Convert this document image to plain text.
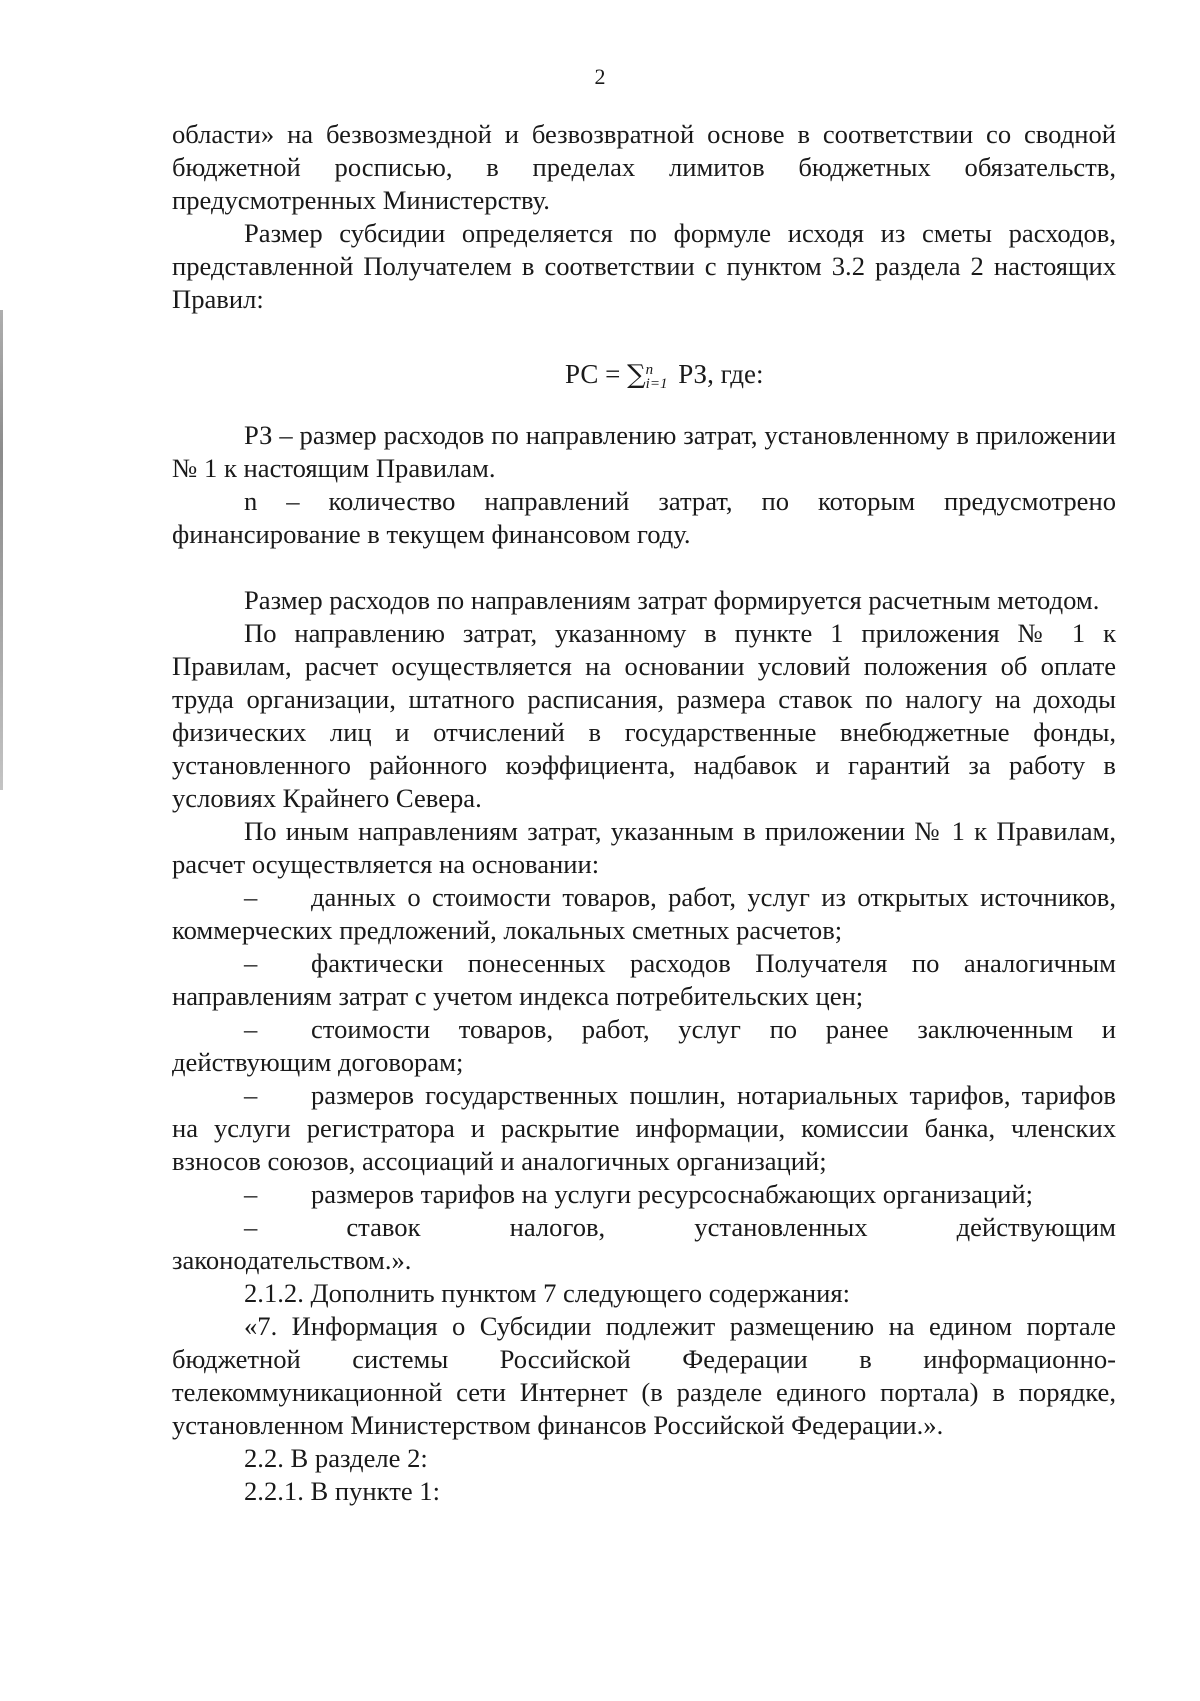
2

области» на безвозмездной и безвозвратной основе в соответствии со сводной бюджетной росписью, в пределах лимитов бюджетных обязательств, предусмотренных Министерству.

Размер субсидии определяется по формуле исходя из сметы расходов, представленной Получателем в соответствии с пунктом 3.2 раздела 2 настоящих Правил:

РС = ∑ n
i=1 РЗ, где:

РЗ – размер расходов по направлению затрат, установленному в приложении № 1 к настоящим Правилам.

n – количество направлений затрат, по которым предусмотрено финансирование в текущем финансовом году.

Размер расходов по направлениям затрат формируется расчетным методом.

По направлению затрат, указанному в пункте 1 приложения № 1 к Правилам, расчет осуществляется на основании условий положения об оплате труда организации, штатного расписания, размера ставок по налогу на доходы физических лиц и отчислений в государственные внебюджетные фонды, установленного районного коэффициента, надбавок и гарантий за работу в условиях Крайнего Севера.

По иным направлениям затрат, указанным в приложении № 1 к Правилам, расчет осуществляется на основании:

– данных о стоимости товаров, работ, услуг из открытых источников, коммерческих предложений, локальных сметных расчетов;

– фактически понесенных расходов Получателя по аналогичным направлениям затрат с учетом индекса потребительских цен;

– стоимости товаров, работ, услуг по ранее заключенным и действующим договорам;

– размеров государственных пошлин, нотариальных тарифов, тарифов на услуги регистратора и раскрытие информации, комиссии банка, членских взносов союзов, ассоциаций и аналогичных организаций;

– размеров тарифов на услуги ресурсоснабжающих организаций;

–	ставок	налогов,	установленных	действующим

законодательством.».

2.1.2. Дополнить пунктом 7 следующего содержания:

«7. Информация о Субсидии подлежит размещению на едином портале бюджетной системы Российской Федерации в информационно-телекоммуникационной сети Интернет (в разделе единого портала) в порядке, установленном Министерством финансов Российской Федерации.».

2.2. В разделе 2:

2.2.1. В пункте 1:
